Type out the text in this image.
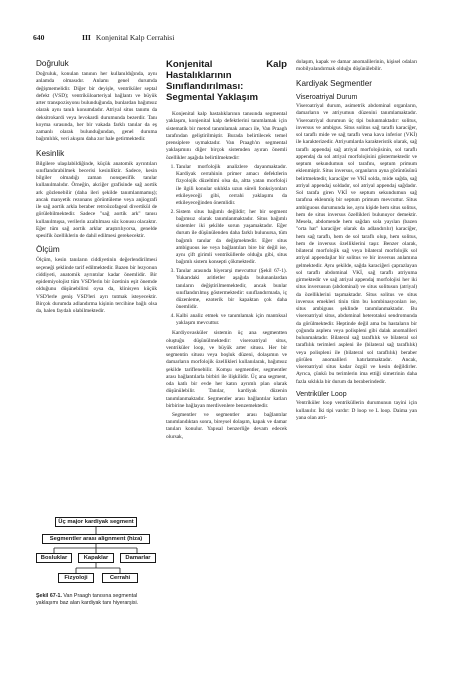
640	III Konjenital Kalp Cerrahisi
Doğruluk

Doğruluk, konulan tanının her kullanıldığında, aynı anlamda olmasıdır. Anlamı genel durumda değişmemelidir. Diğer bir deyişle, ventriküler septal defekt (VSD); ventriküloarteriyal bağlantı ve büyük arter transpozisyonu bulunduğunda, bunlardan bağımsız olarak aynı tanılı konumdadır. Atriyal situs tanımı da deksitrokardi veya levokardi durumunda bezerdir. Tanı koyma sırasında, her bir vakada farklı tanılar da eş zamanlı olarak bulunduğundan, genel duruma bağımlılık, veri akışını daha zor hale getirmektedir.

Kesinlik

Bilgilere ulaşılabildiğinde, küçük anatomik ayrıntıları sınıflandırabilmek becerisi kesinliktir. Sadece, kesin bilgiler olmadığı zaman nonspesifik tanılar kullanılmalıdır. Örneğin, akciğer grafisinde sağ aortik ark gözlenebilir (daha ileri şekilde tanımlanmamış); ancak manyetik rezonans görüntüleme veya anjiografi ile sağ aortik arkla beraber retroözofageal divertikül de görülebilmektedir. Sadece "sağ aortik ark" tanısı kullanılmışsa, verilerin azaltılması söz konusu olacaktır. Eğer tüm sağ aortik arklar araştırılıyorsa, genelde spesifik özelliklerin de dahil edilmesi gerekecektir.

Ölçüm

Ölçüm, kesin tanıların ciddiyetinin değerlendirilmesi seçeneği şeklinde tarif edilmektedir. Bazen bir lezyonun ciddiyeti, anatomik ayrıntılar kadar önemlidir. Bir epidemiyolojist tüm VSD'lerin bir özetinin eşit önemde olduğunu düşünebilirsi oysa da, klinisyen küçük VSD'lerle geniş VSD'leri ayrı tutmak isteyecektir. Birçok durumda adlandırma kişinin tercihine bağlı olsa da, halen faydalı olabilmektedir.

Üç major kardiyak segment
Segmentler arası alignment (hiza)
Bosluklar	Kapaklar	Damarlar
Fizyoloji	Cerrahi
Şekil 67-1. Van Praagh tanısına segmental yaklaşımı baz alan kardiyak tanı hiyerarşisi.
Konjenital Kalp Hastalıklarının Sınıflandırılması: Segmental Yaklaşım

Konjenital kalp hastalıklarının tanısında segmental yaklaşım, konjenital kalp defektlerini tanımlamak için sistematik bir metod tanımlamak amacı ile, Van Praagh tarafından geliştirilmiştir. Burada belirtilecek temel prensiplere uymaktadır. Van Praagh'ın segmental yaklaşımını diğer birçok sistemden ayıran önemli özellikler aşağıda belirtilmektedir:

1. Tanılar morfolojik analizlere dayanmaktadır. Kardiyak cerrahinin primer amacı defektlerin fizyolojik düzeltimi olsa da, altta yatan morfoloji ile ilgili konular sıklıkla uzun süreli fonksiyonları etkileyeceği gibi, cerrahi yaklaşımı da etkileyeceğinden önemlidir.
2. Sistem situs bağımlı değildir; her bir segment bağımsız olarak tanımlanmaktadır. Situs bağımlı sistemler iki şekilde sorun yaşamaktadır. Eğer durum ile düşünülenden daha farklı bulunursa, tüm bağımlı tanılar da değişmektedir. Eğer situs ambiguous ise veya bağlantıları bire bir değil ise, aynı çift girimli ventriküllerde olduğu gibi, situs bağımlı sistem konsepti çökmektedir.
3. Tanılar arasında hiyerarşi mevcuttur (Şekil 67-1). Yukarıdaki aritletler aşağıda bulunanlardan tanıların değiştirilmemektedir, ancak bunlar sınıflandırılmış göstermektedir: sınıflandırmada, iç düzenleme, ezoterik bir kapaktan çok daha önemlidir.
4. Kalbi analiz etmek ve tanımlamak için mantıksal yaklaşım mevcuttur.

Kardiyovasküler sistemin üç ana segmentten oluştuğu düşünülmektedir: viseroatriyal situs, ventriküler loop, ve büyük arter situsu. Her bir segmentin situsu veya boşluk düzeni, dolaşımın ve damarların morfolojik özellikleri kullanılarak, bağımsız şekilde tariflenebilir. Komşu segmentler, segmentler arası bağlantılarla birbiri ile ilişkilidir. Üç ana segment, oda katlı bir evde her katın ayrımlı plan olarak düşünülebilir. Tanılar, kardiyak düzenin tanımlanmaktadır. Segmentler arası bağlantılar katları birbirine bağlayan merdivenlere benzemektedir.

Segmentler ve segmentler arası bağlantılar tanımlandıktan sonra, bireysel dolaşım, kapak ve damar tanıları konulur. Yapısal benzerliğe devam edecek olursak,

dolaşım, kapak ve damar anomalilerinin, kişisel odaları mobilyalandırmak olduğu düşünülebilir.

Kardiyak Segmentler
Viseroatriyal Durum

Viseroatriyal durum, asimetrik abdominal organların, damarların ve atriyumun düzenini tanımlamaktadır. Viseroatriyal durumun üç tipi bulunmaktadır: solitus, inversus ve ambigus. Situs solitus sağ taraflı karaciğer, sol taraflı mide ve sağ taraflı vena kava inferior (VKİ) ile karakterizedir. Atriyumlarda karakteristik olarak, sağ taraflı appendaj sağ atriyal morfolojisinin, sol taraflı appendaj da sol atriyal morfolojisini göstermektedir ve septum sekundumun sol tarafını, septum primum eklenmiştir. Situs inversus, organların ayna görüntüsünü belirtmektedir, karaciğer ve VKİ solda, mide sağda, sağ atriyal appendaj soldadır, sol atriyal appendaj sağdadır. Sol tarafa giren VKİ ve septum sekundumun sağ tarafına eklenmiş bir septum primum mevcuttur. Situs ambiguous durumunda ise, aynı kişide hem situs solitus, hem de situs inversus özellikleri bulunuyor demektir. Mesela, abdomende hem sağdan sola yayılan (bazen "orta hat" karaciğer olarak da adlandırılır) karaciğer, hem sağ taraflı, hem de sol taraflı olup, hem solitus, hem de inversus özelliklerini taşır. Benzer olarak, bilateral morfolojik sağ veya bilateral morfolojik sol atriyal appendajlar bir solitus ve bir inversus anlamına gelmektedir. Aynı şekilde, sağda karaciğeri çaprazlayan sol taraflı abdominal VKİ, sağ taraflı atriyuma girmektedir ve sağ atriyal appendaj morfolojisi her iki situs inversusun (abdominal) ve situs solitusun (atriyal) da özelliklerini taşımaktadır. Situs solitus ve situs inversus emekleri tinin tüm bu kombinasyonları ise, situs ambiguus şeklinde tanımlanmaktadır. Bu viseroatriyal situs, abdominal heterotaksi sendromunda da görülmektedir. Heptinde değil ama bu hastaların bir çoğunda asplenı veya polispleni gibi dalak anomalileri bulunmaktadır. Bilateral sağ taraflılık ve bilateral sol taraflılık terimleri aspleni ile (bilateral sağ taraflılık) veya polispleni ile (bilateral sol taraflılık) beraber görülen anomalileri hatırlatmaktadır. Ancak, viseroatriyal situs kadar özgül ve kesin değildirler. Ayrıca, çünkü bu terimlerin ima ettiği simetrinin daha fazla sıklıkla bir durum da beraberindedir.

Ventriküler Loop

Ventriküler loop ventriküllerin durumunun tayini için kullanılır. İki tipi vardır: D loop ve L loop. Daima yan yana olan atri-
